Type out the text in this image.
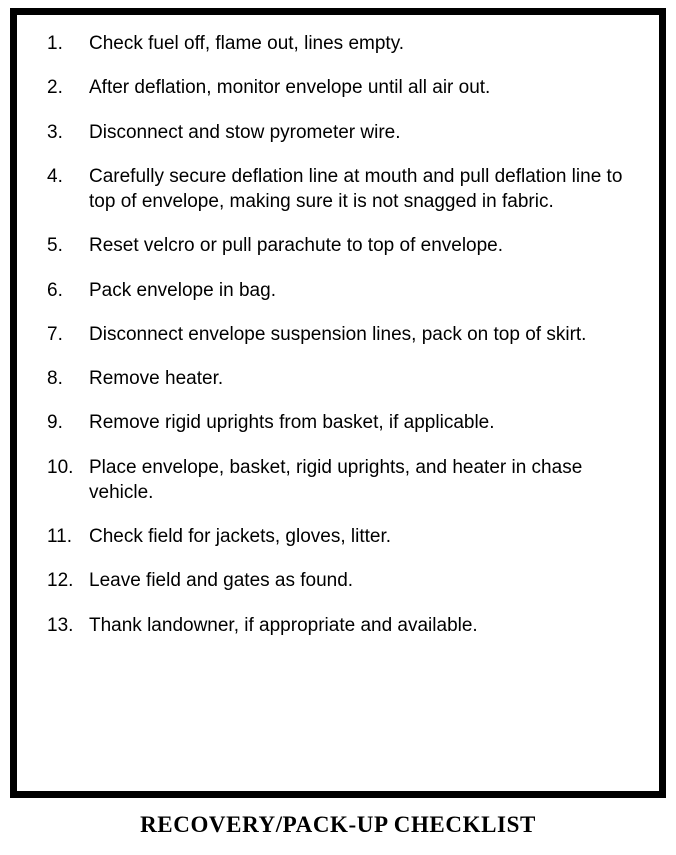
1.	Check fuel off, flame out, lines empty.
2.	After deflation, monitor envelope until all air out.
3.	Disconnect and stow pyrometer wire.
4.	Carefully secure deflation line at mouth and pull deflation line to top of envelope, making sure it is not snagged in fabric.
5.	Reset velcro or pull parachute to top of envelope.
6.	Pack envelope in bag.
7.	Disconnect envelope suspension lines, pack on top of skirt.
8.	Remove heater.
9.	Remove rigid uprights from basket, if applicable.
10. Place envelope, basket, rigid uprights, and heater in chase vehicle.
11. Check field for jackets, gloves, litter.
12. Leave field and gates as found.
13. Thank landowner, if appropriate and available.
RECOVERY/PACK-UP CHECKLIST
